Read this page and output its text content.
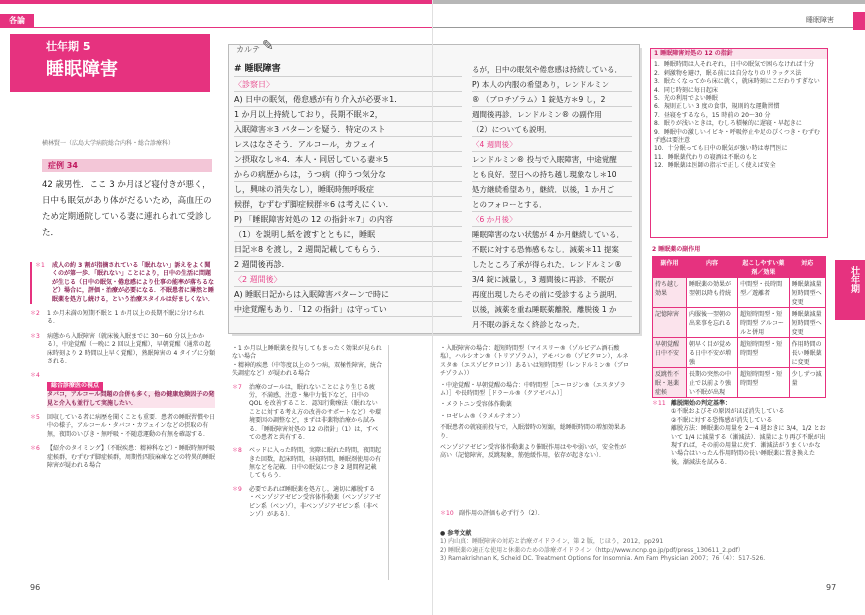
各論	睡眠障害
壮年期
壮年期 5
睡眠障害
横林賢一（広島大学病院総合内科・総合診療科）
症例 34
42 歳男性．ここ 3 か月ほど寝付きが悪く，日中も眠気があり体がだるいため，高血圧のため定期通院している妻に連れられて受診した．
＊1	成人の約 3 割が指摘されている「眠れない」訴えをよく聞くのが第一歩．「眠れない」ことにより，日中の生活に問題が生じる（日中の眠気・倦怠感により仕事の能率が落ちるなど）場合に，評価・治療が必要になる．不眠患者に薄然と睡眠薬を処方し続ける，という治療スタイルは好ましくない．
＊2	1 か月未満の短期不眠と 1 か月以上の長期不眠に分けられる．
＊3	病態から入眠障害（就床後入眠までに 30〜60 分以上かかる），中途覚醒（一晩に 2 回以上覚醒），早朝覚醒（通常の起床時刻より 2 時間以上早く覚醒），熟眠障害の 4 タイプに分類される．
＊4
総合診療医の視点
タバコ，アルコール問題の合併も多く，他の健康危険因子の発見と介入も並行して実施したい．
＊5	回収している者に病歴を聞くことも重要．患者の睡眠習慣や日中の様子，アルコール・タバコ・カフェインなどの摂取の有無，夜間のいびき・無呼吸・不随意運動の有無を確認する．
＊6	【紹介のタイミング】（不眠疾患：精神科など）・睡眠時無呼吸症候群，むずむず脚症候群，周期性四肢麻痺などの特異的睡眠障害が疑われる場合
カルテ ✎
# 睡眠障害
〈診察日〉
A) 日中の眠気，倦怠感が有り介入が必要＊1．
1 か月以上持続しており，長期不眠＊2，
入眠障害＊3 パターンを疑う．特定のスト
レスはなさそう．アルコール，カフェイ
ン摂取なし＊4．本人・同居している妻＊5
からの病歴からは，うつ病（抑うつ気分な
し，興味の消失なし），睡眠時無呼吸症
候群，むずむず脚症候群＊6 は考えにくい．
P) 「睡眠障害対処の 12 の指針＊7」の内容
（1）を説明し紙を渡すとともに，睡眠
日記＊8 を渡し，2 週間記載してもらう．
2 週間後再診．
〈2 週間後〉
A) 睡眠日記からは入眠障害パターンで時に
中途覚醒もあり．「12 の指針」は守ってい
るが，日中の眠気や倦怠感は持続している．
P) 本人の内服の希望あり，レンドルミン
® （ブロチゾラム）1 錠処方＊9 し，2
週間後再診．レンドルミン® の副作用
（2）についても説明．
〈4 週間後〉
レンドルミン® 投与で入眠障害，中途覚醒
とも良好．翌日への持ち越し現象なし＊10
処方継続希望あり，継続．以後，1 か月ご
とのフォローとする．
〈6 か月後〉
睡眠障害のない状態が 4 か月継続している．
不眠に対する恐怖感もなし．減薬＊11 提案
したところ了承が得られた．レンドルミン®
3/4 錠に減量し，3 週間後に再診．不眠が
再度出現したらその前に受診するよう説明．
以後，減薬を重ね睡眠薬離脱．離脱後 1 か
月不眠の訴えなく終診となった．
・1 か月以上睡眠薬を投与してもまったく効果が見られない場合
・精神的疾患（中等度以上のうつ病，双極性障害，統合失調症など）が疑われる場合
＊7	治療のゴールは，眠れないことにより生じる疲労，不満感，注意・集中力低下など，日中の QOL を改善すること．認知行動療法（眠れないことに対する考え方の改善のサポートなど）や環境要因の調整など，まずは非薬物治療から試みる．「睡眠障害対処の 12 の指針」（1）は，すべての患者と共有する．
＊8	ベッドに入った時間，実際に眠れた時間，夜間起きた回数，起床時間，昼寝時間，睡眠剤使用の有無などを記載．日中の眠気につき 2 週間程記載してもらう．
＊9	必要であれば睡眠薬を処方し，適切に離脱する
・ベンゾジアゼピン受容体作動薬（ベンゾジアゼピン系（ベンゾ），非ベンゾジアゼピン系（非ベンゾ）がある）．
・入眠障害の場合：超短時間型（マイスリー®（ゾルピデム酒石酸塩），ハルシオン®（トリアゾラム），アモバン®（ゾピクロン），ルネスタ®（エスゾピクロン））あるいは短時間型（レンドルミン®（ブロチゾラム））
・中途覚醒・早朝覚醒の場合：中時間型［ユーロジン®（エスタゾラム）］や長時間型［ドラール®（クアゼパム）］
・メラトニン受容体作動薬
・ロゼレム®（ラメルテオン）
不眠患者の就寝前投与で，入眠潜時の短縮，総睡眠時間の増加効果あり．
ベンゾジアゼピン受容体作動薬より催眠作用はやや弱いが，安全性が高い（記憶障害，反跳現象，筋弛緩作用，依存が起きない）．
＊10 副作用の評価も必ず行う（2）．
1 睡眠障害対処の 12 の指針
1．睡眠時間は人それぞれ，日中の眠気で困らなければ十分
2．刺激物を避け，眠る前には自分なりのリラックス法
3．眠たくなってから床に就く，就床時刻にこだわりすぎない
4．同じ時刻に毎日起床
5．光の利用でよい睡眠
6．規則正しい 3 度の食事，規則的な運動習慣
7．昼寝をするなら，15 時前の 20〜30 分
8．眠りが浅いときは，むしろ積極的に遅寝・早起きに
9．睡眠中の激しいイビキ・呼吸停止や足のぴくつき・むずむず感は要注意
10．十分眠っても日中の眠気が強い時は専門医に
11．睡眠薬代わりの寝酒は不眠のもと
12．睡眠薬は医師の指示で正しく使えば安全
2 睡眠薬の副作用
副作用	内容	起こしやすい薬剤／効果	対応
持ち越し効果	睡眠薬の効果が翌朝以降も持続	中間型・長時間型／遊離者	睡眠薬減量 短時間型へ変更
記憶障害	内服後一翌朝の出来事を忘れる	超短時間型・短時間型 アルコールと併用	睡眠薬減量 短時間型へ変更
早朝覚醒 日中不安	朝早く目が覚める日中不安が増強	超短時間型・短時間型	作用時間の長い睡眠薬に変更
反跳性不眠・退薬症候	長期の突然の中止で以前より強い不眠が出現	超短時間型・短時間型	少しずつ減量
＊11 離脱開始の判定基準：
①不眠およびその原因がほぼ消失している
②不眠に対する恐怖感が消失している
離脱方法：睡眠薬の用量を 2〜4 週おきに 3/4，1/2 とおいて 1/4 に減量する（漸減法）．減量により再び不眠が出現すれば，その前の用量に戻す．漸減法がうまくいかない場合はいったん作用時間の長い睡眠薬に置き換えた後，漸減法を試みる．
● 参考文献
1) 内山真：睡眠障害の対応と治療ガイドライン，第 2 版，じほう，2012，pp291
2) 睡眠薬の適正な使用と休薬のための診療ガイドライン（http://www.ncnp.go.jp/pdf/press_130611_2.pdf）
3) Ramakrishnan K, Scheid DC. Treatment Options for Insomnia. Am Fam Physician 2007；76（4）：517-526.
96	97
